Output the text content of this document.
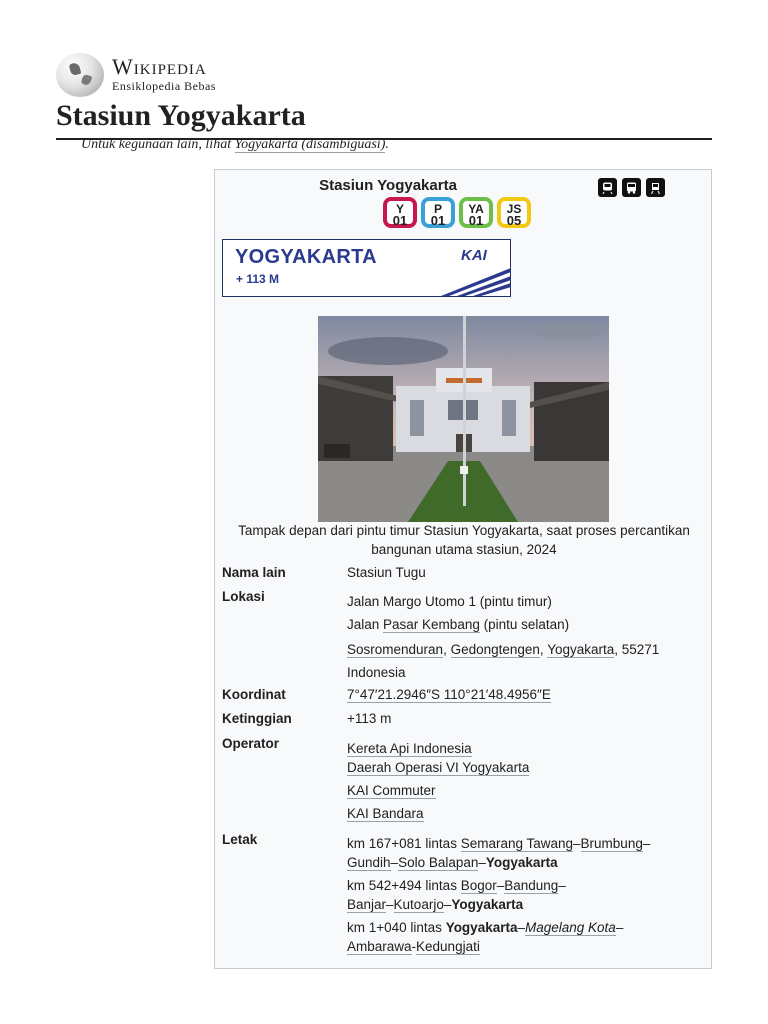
Wikipedia
Ensiklopedia Bebas
Stasiun Yogyakarta
Untuk kegunaan lain, lihat Yogyakarta (disambiguasi).
Stasiun Yogyakarta
Y
01
P
01
YA
01
JS
05
YOGYAKARTA
+ 113 M
KAI
Tampak depan dari pintu timur Stasiun Yogyakarta, saat proses percantikan bangunan utama stasiun, 2024
Nama lain	Stasiun Tugu
Lokasi	Jalan Margo Utomo 1 (pintu timur)
Jalan Pasar Kembang (pintu selatan)
Sosromenduran, Gedongtengen, Yogyakarta, 55271
Indonesia
Koordinat	7°47′21.2946″S 110°21′48.4956″E
Ketinggian	+113 m
Operator	Kereta Api Indonesia
Daerah Operasi VI Yogyakarta
KAI Commuter
KAI Bandara
Letak	km 167+081 lintas Semarang Tawang–Brumbung–
Gundih–Solo Balapan–Yogyakarta
km 542+494 lintas Bogor–Bandung–
Banjar–Kutoarjo–Yogyakarta
km 1+040 lintas Yogyakarta–Magelang Kota–
Ambarawa-Kedungjati
